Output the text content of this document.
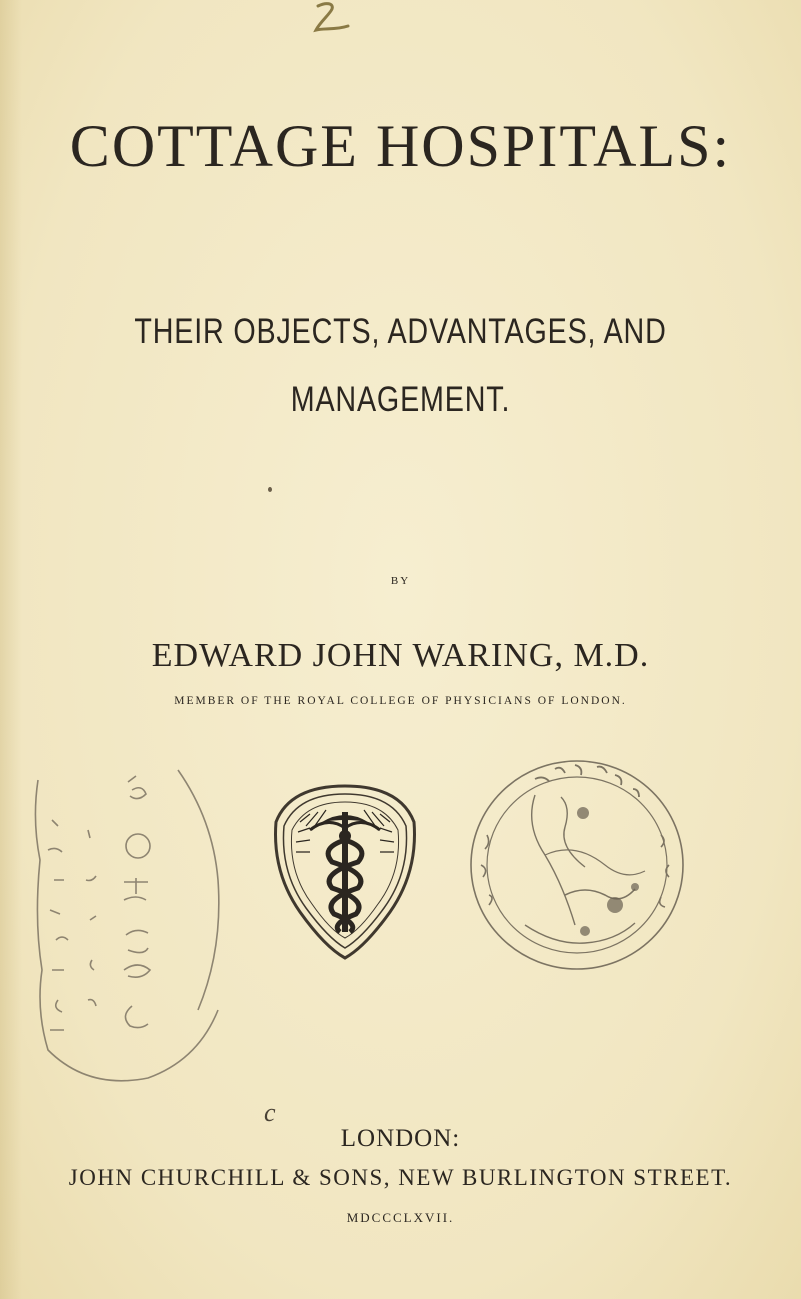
COTTAGE HOSPITALS:
THEIR OBJECTS, ADVANTAGES, AND
MANAGEMENT.
BY
EDWARD JOHN WARING, M.D.
MEMBER OF THE ROYAL COLLEGE OF PHYSICIANS OF LONDON.
c
LONDON:
JOHN CHURCHILL & SONS, NEW BURLINGTON STREET.
MDCCCLXVII.
